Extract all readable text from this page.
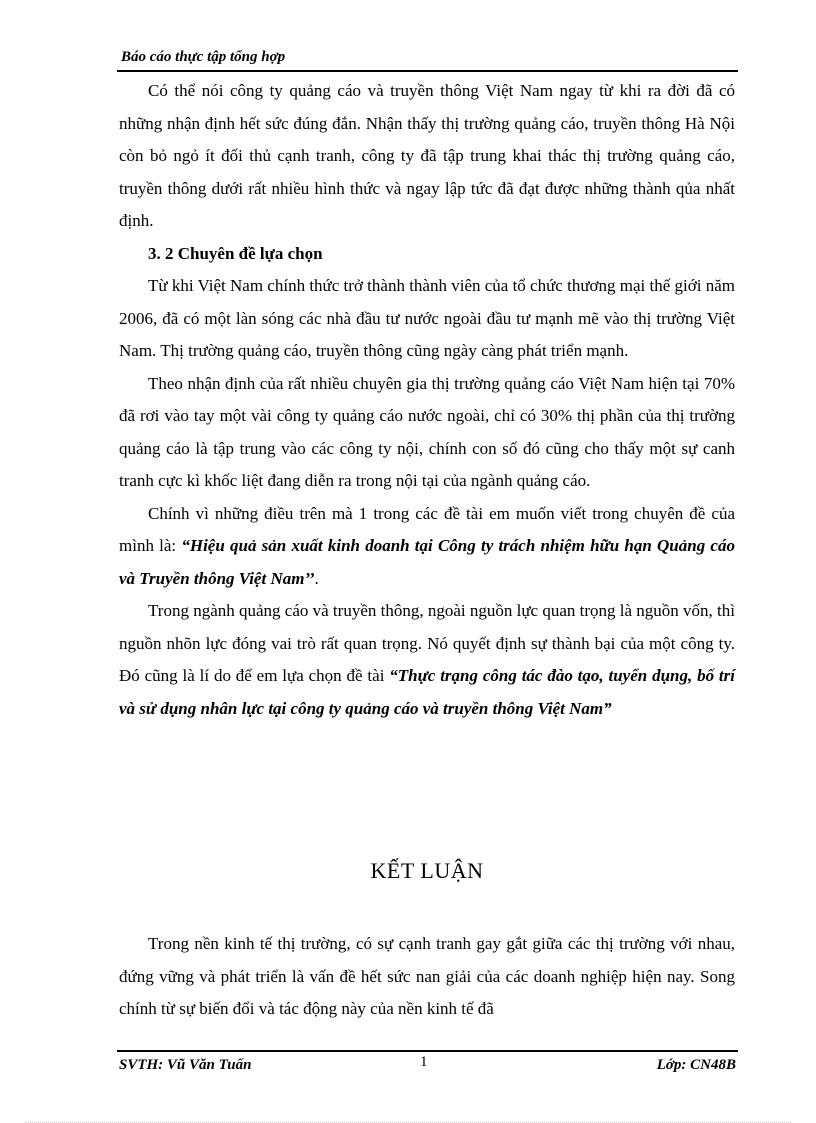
Báo cáo thực tập tổng hợp

Có thể nói công ty quảng cáo và truyền thông Việt Nam ngay từ khi ra đời đã có những nhận định hết sức đúng đắn. Nhận thấy thị trường quảng cáo, truyền thông Hà Nội còn bỏ ngỏ ít đối thủ cạnh tranh, công ty đã tập trung khai thác thị trường quảng cáo, truyền thông dưới rất nhiều hình thức và ngay lập tức đã đạt được những thành qủa nhất định.

3. 2 Chuyên đề lựa chọn

Từ khi Việt Nam chính thức trở thành thành viên của tổ chức thương mại thế giới năm 2006, đã có một làn sóng các nhà đầu tư nước ngoài đầu tư mạnh mẽ vào thị trường Việt Nam. Thị trường quảng cáo, truyền thông cũng ngày càng phát triển mạnh.

Theo nhận định của rất nhiều chuyên gia thị trường quảng cáo Việt Nam hiện tại 70% đã rơi vào tay một vài công ty quảng cáo nước ngoài, chỉ có 30% thị phần của thị trường quảng cáo là tập trung vào các công ty nội, chính con số đó cũng cho thấy một sự canh tranh cực kì khốc liệt đang diễn ra trong nội tại của ngành quảng cáo.

Chính vì những điều trên mà 1 trong các đề tài em muốn viết trong chuyên đề của mình là: “Hiệu quả sản xuất kinh doanh tại Công ty trách nhiệm hữu hạn Quảng cáo và Truyền thông Việt Nam’’.

Trong ngành quảng cáo và truyền thông, ngoài nguồn lực quan trọng là nguồn vốn, thì nguồn nhõn lực đóng vai trò rất quan trọng. Nó quyết định sự thành bại của một công ty. Đó cũng là lí do để em lựa chọn đề tài “Thực trạng công tác đào tạo, tuyển dụng, bố trí và sử dụng nhân lực tại công ty quảng cáo và truyền thông Việt Nam”

KẾT LUẬN

Trong nền kinh tế thị trường, có sự cạnh tranh gay gắt giữa các thị trường với nhau, đứng vững và phát triển là vấn đề hết sức nan giải của các doanh nghiệp hiện nay. Song chính từ sự biến đổi và tác động này của nền kinh tế đã

SVTH: Vũ Văn Tuấn	1	Lớp: CN48B
